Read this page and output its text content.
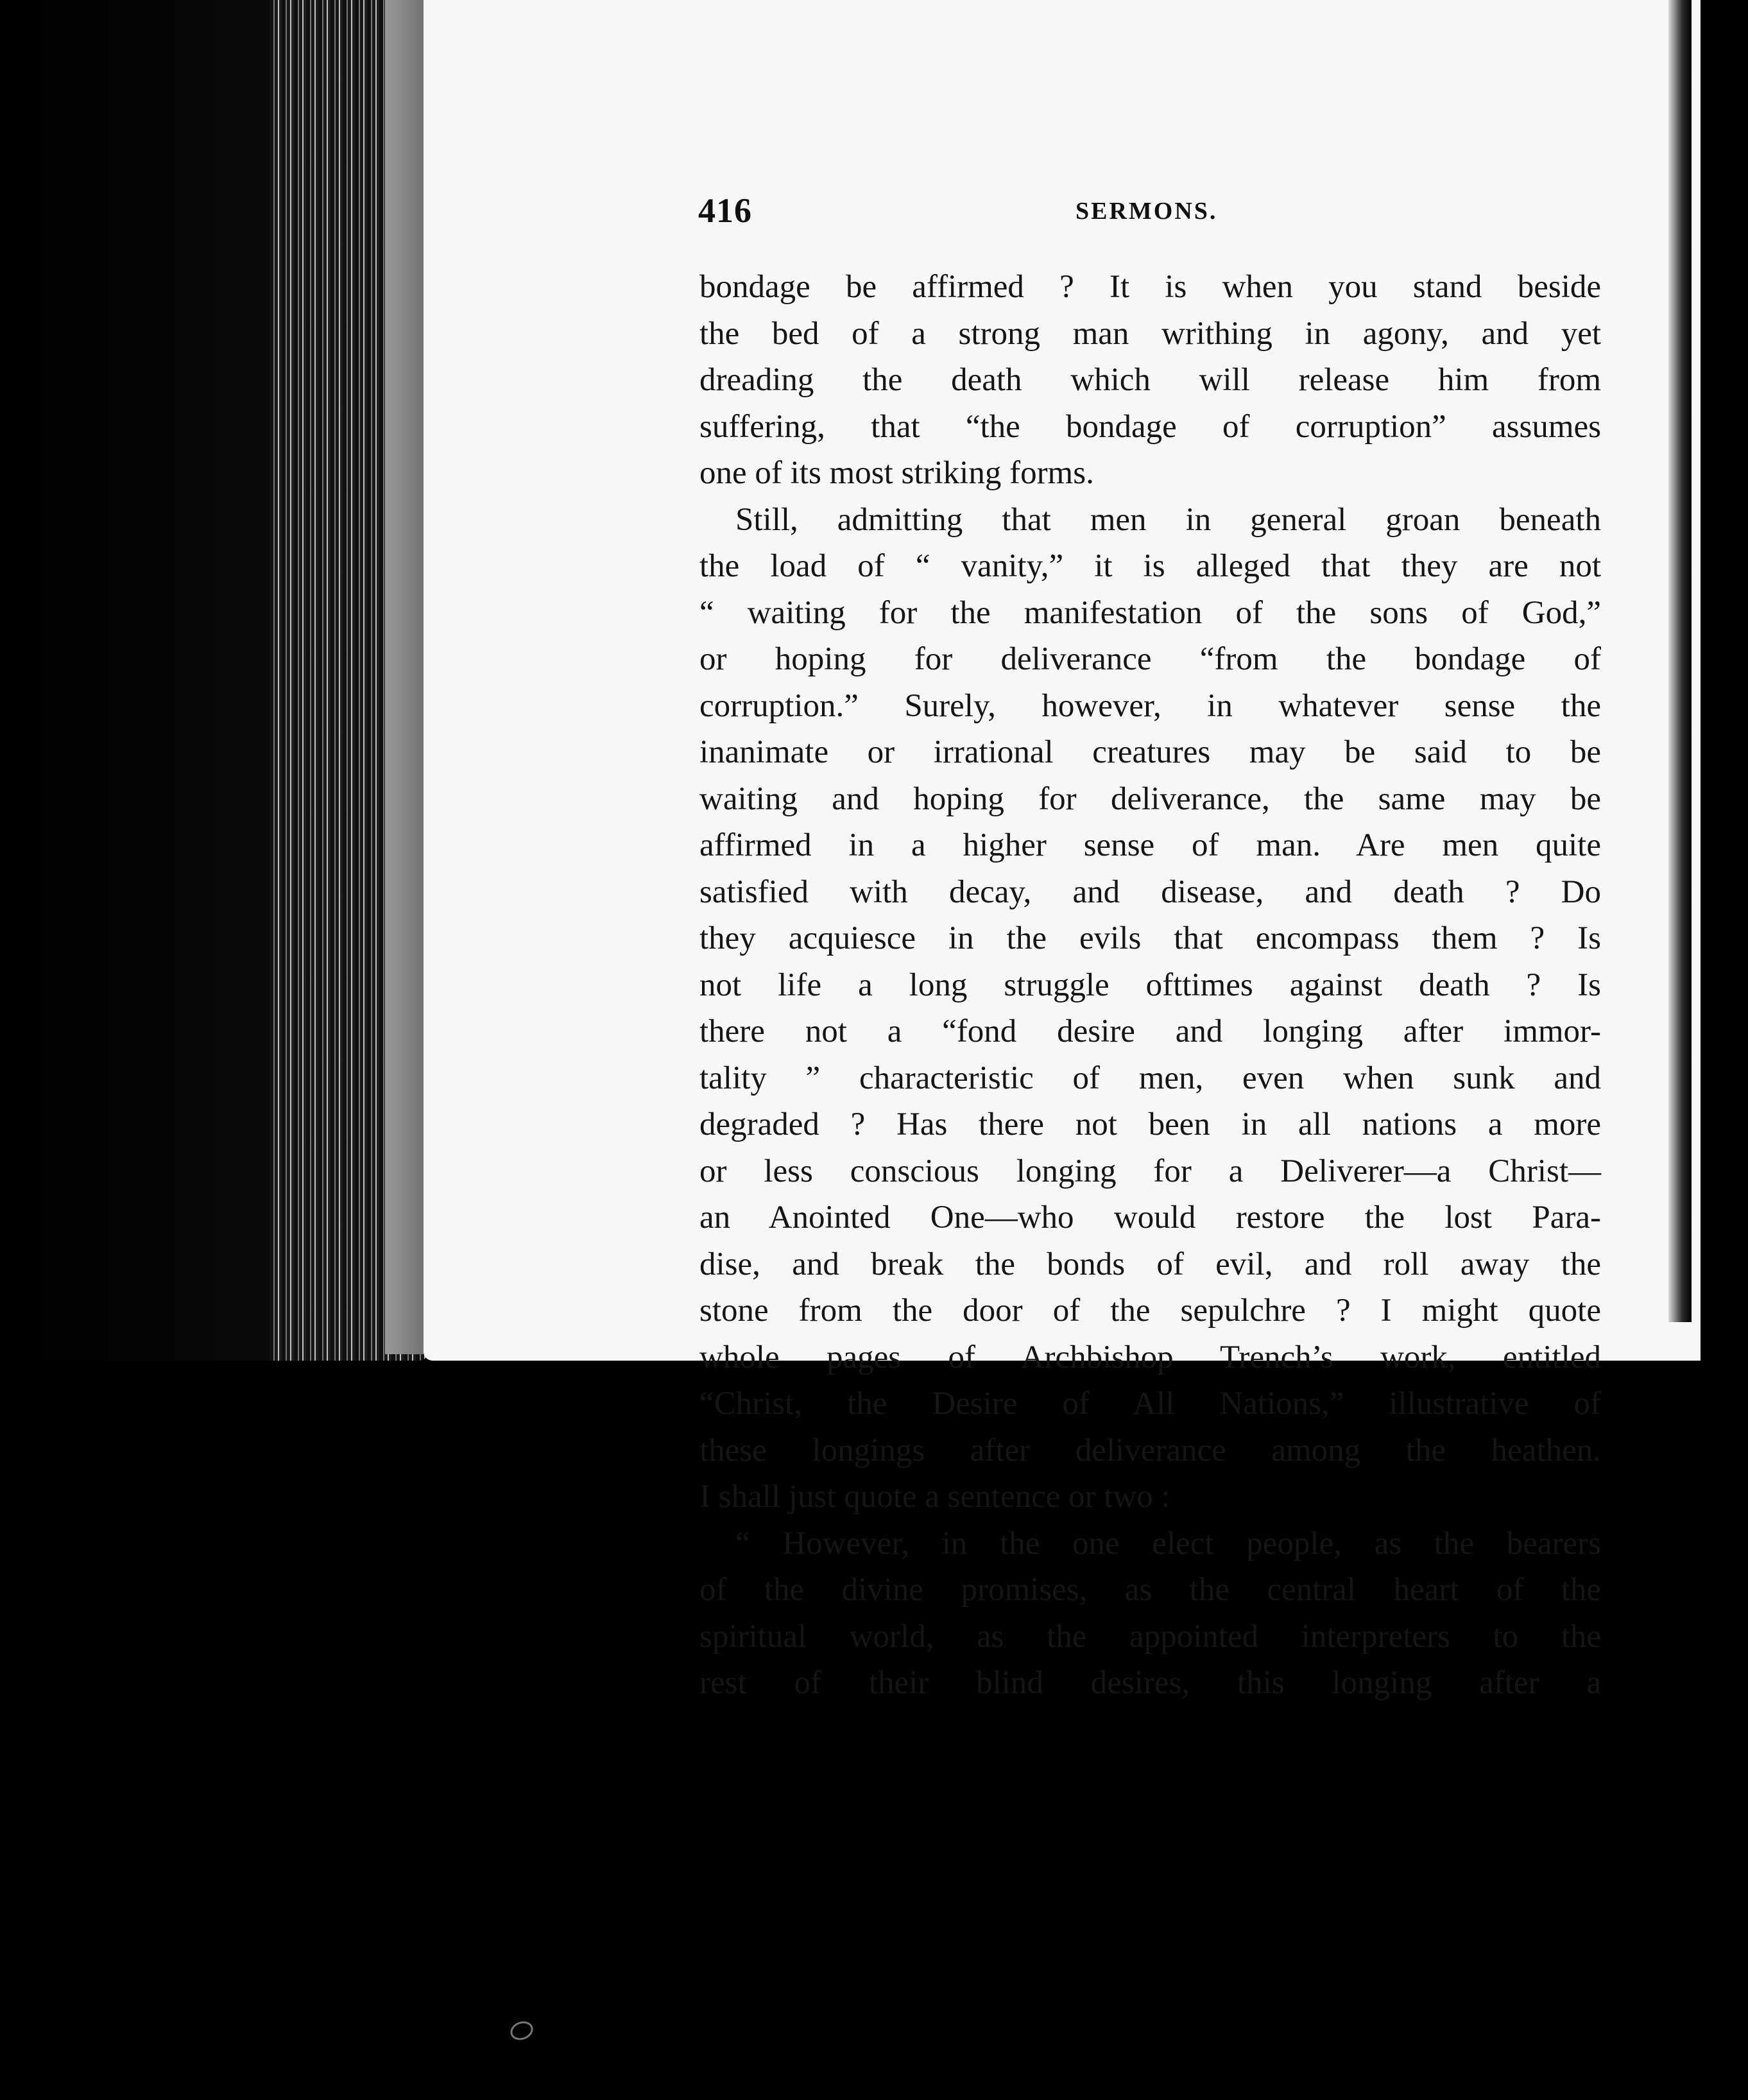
416	SERMONS.
bondage be affirmed ? It is when you stand beside
the bed of a strong man writhing in agony, and yet
dreading the death which will release him from
suffering, that “the bondage of corruption” assumes
one of its most striking forms.
Still, admitting that men in general groan beneath
the load of “ vanity,” it is alleged that they are not
“ waiting for the manifestation of the sons of God,”
or hoping for deliverance “from the bondage of
corruption.” Surely, however, in whatever sense the
inanimate or irrational creatures may be said to be
waiting and hoping for deliverance, the same may be
affirmed in a higher sense of man. Are men quite
satisfied with decay, and disease, and death ? Do
they acquiesce in the evils that encompass them ? Is
not life a long struggle ofttimes against death ? Is
there not a “fond desire and longing after immor-
tality ” characteristic of men, even when sunk and
degraded ? Has there not been in all nations a more
or less conscious longing for a Deliverer—a Christ—
an Anointed One—who would restore the lost Para-
dise, and break the bonds of evil, and roll away the
stone from the door of the sepulchre ? I might quote
whole pages of Archbishop Trench’s work, entitled
“Christ, the Desire of All Nations,” illustrative of
these longings after deliverance among the heathen.
I shall just quote a sentence or two :
“ However, in the one elect people, as the bearers
of the divine promises, as the central heart of the
spiritual world, as the appointed interpreters to the
rest of their blind desires, this longing after a
